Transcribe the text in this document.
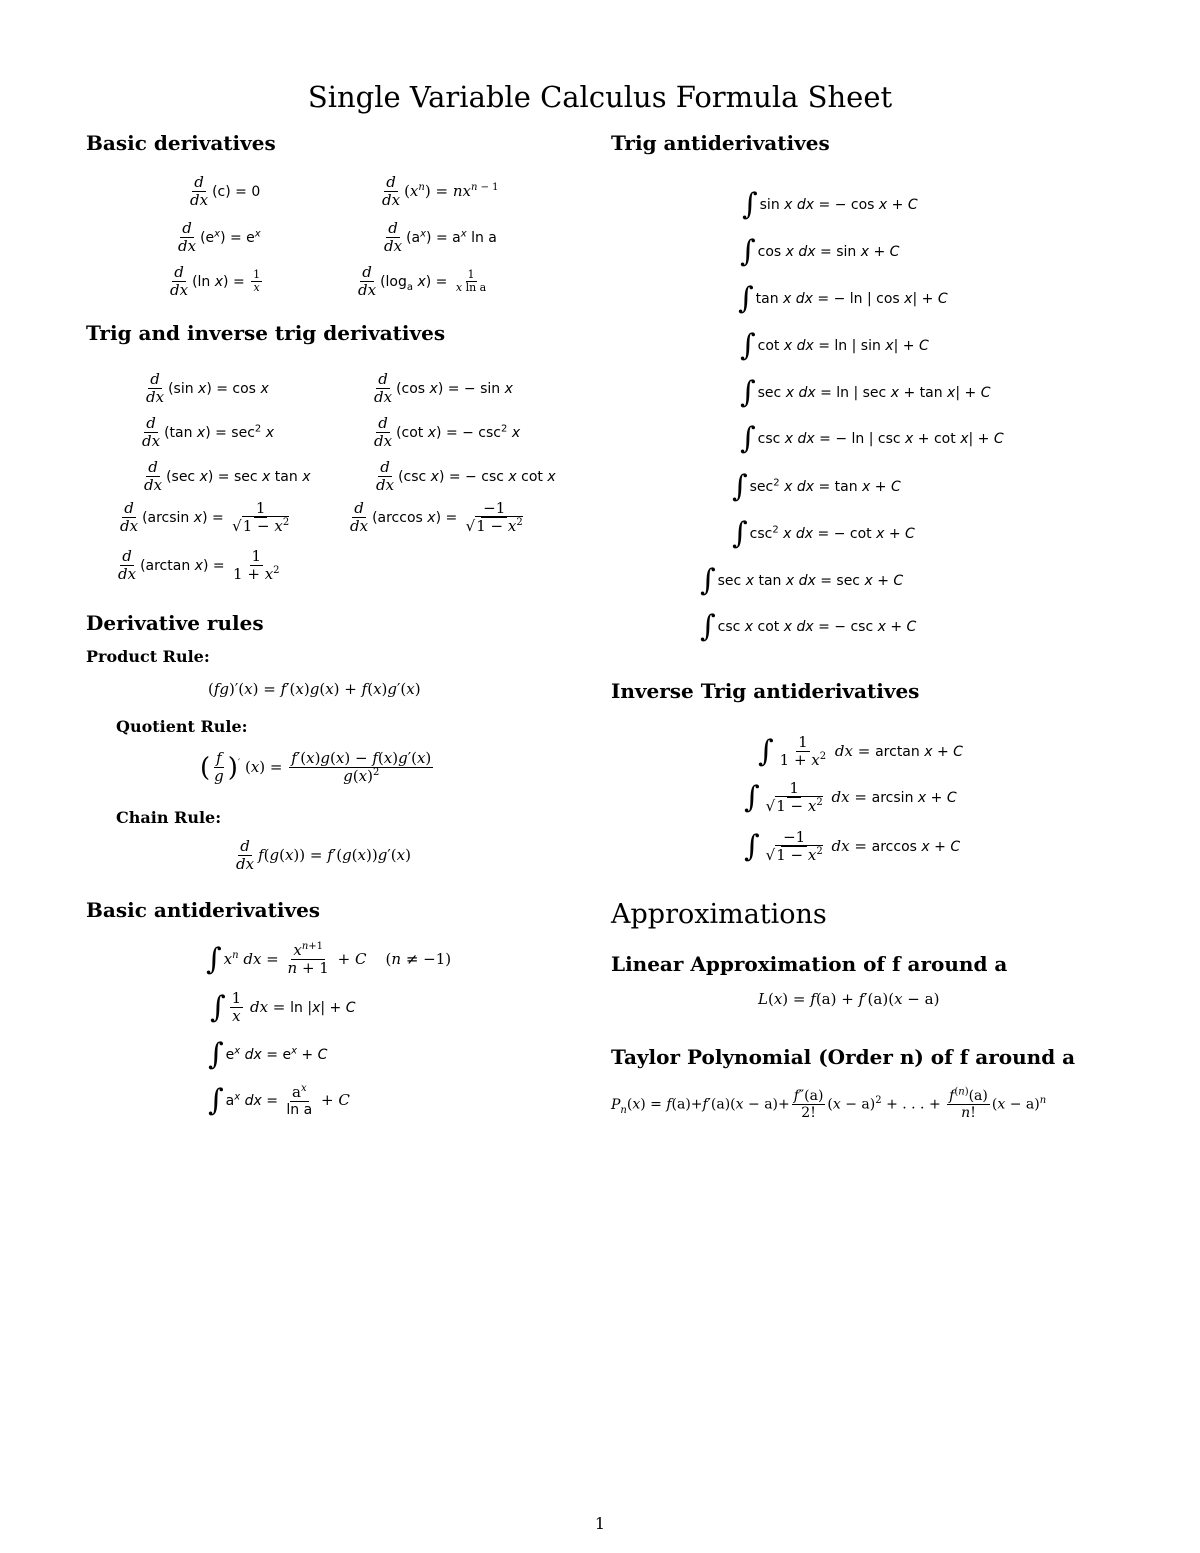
Single Variable Calculus Formula Sheet
Basic derivatives
$\frac{d}{dx} (c) = 0$	$\frac{d}{dx} (x^n) = nx^{n - 1}$
$\frac{d}{dx} (e^x) = e^x$	$\frac{d}{dx} (a^x) = a^x$ ln a
$\frac{d}{dx} (\ln$ $x) = \frac{1}{x}$	$\frac{d}{dx} (\log_a$ $x) = \frac{1}{\text{x ln a}}$
Trig and inverse trig derivatives
$\frac{d}{dx} (\sin$ x) = cos x	$\frac{d}{dx} (\cos$ x) = − sin x
$\frac{d}{dx} (\tan$ $x) = \sec^2 x$	$\frac{d}{dx} (\cot$ x) = − $\csc^2 x$
$\frac{d}{dx} (\sec$ x) = sec x tan x	$\frac{d}{dx} (\csc$ x) = − csc x cot x
$\frac{d}{dx} (\arcsin$ $x) = \frac{1}{√1 - x^2}$	$\frac{d}{dx} (\arccos$ $x) = \frac{-1}{√1 - x^2}$
$\frac{d}{dx} (\arctan$ $x) = \frac{1}{1 + x^2}$
Derivative rules
Product Rule:
(fg)′(x) = f′(x)g(x) + f(x)g′(x)
Quotient Rule:
( $\frac{f}{g} )'$ $(x) = \frac{f'(x)g(x) - f(x)g'(x)}{g(x)^2}$
Chain Rule:
$\frac{d}{dx} f(g(x)) = f'(g(x))g'(x)$
Basic antiderivatives
∫ $x^n$ dx = $\frac{x^{n+1}}{n + 1} + C$    (n ≠ −1)
∫ $\frac{1}{x}$ dx = ln |x| + C
∫ $e^x$ dx = $e^x + C$
∫ $a^x$ dx = $\frac{a^x}{\text{ln a}} + C$
Trig antiderivatives
∫ sin x dx = − cos x + C
∫ cos x dx = sin x + C
∫ tan x dx = − ln | cos x| + C
∫ cot x dx = ln | sin x| + C
∫ sec x dx = ln | sec x + tan x| + C
∫ csc x dx = − ln | csc x + cot x| + C
∫ $\sec^2 x$ dx = tan x + C
∫ $\csc^2 x$ dx = − cot x + C
∫ sec x tan x dx = sec x + C
∫ csc x cot x dx = − csc x + C
Inverse Trig antiderivatives
∫ $\frac{1}{1 + x^2}$ dx = arctan x + C
∫ $\frac{1}{√1 - x^2}$ dx = arcsin x + C
∫ $\frac{-1}{√1 - x^2}$ dx = arccos x + C
Approximations
Linear Approximation of f around a
L(x) = f(a) + f′(a)(x − a)
Taylor Polynomial (Order n) of f around a
$P_n(x) = f(a)+f'(a)(x - a)+ \frac{f''(a)}{2!} (x - a)^2$ + . . . + $\frac{f^{(n)}(a)}{n!} (x - a)^n$
1
